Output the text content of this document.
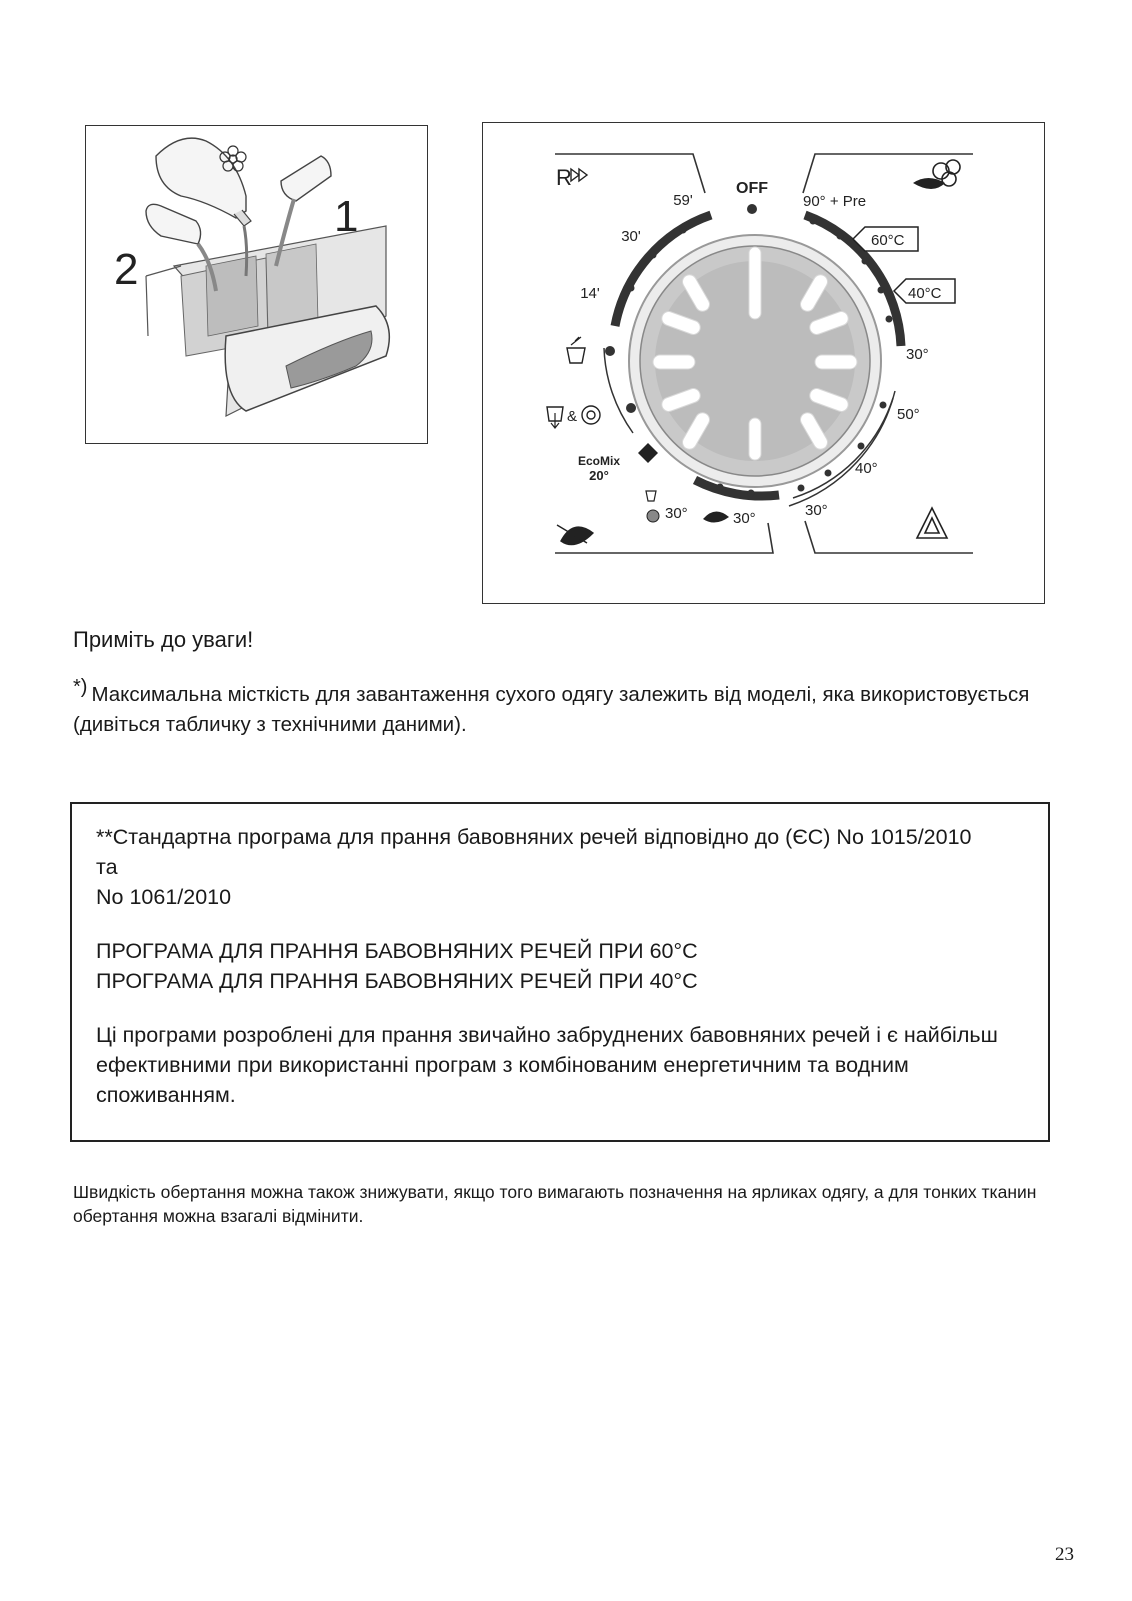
1
2
OFF
R
59'
30'
14'
90° + Pre
60°C
40°C
30°
50°
40°
30°
&
EcoMix
20°
30°	30°
Приміть до уваги!
*) Максимальна місткість для завантаження сухого одягу залежить від моделі, яка використовується (дивіться табличку з технічними даними).

**Стандартна програма для прання бавовняних речей відповідно до (ЄС) No 1015/2010

та

No 1061/2010

ПРОГРАМА ДЛЯ ПРАННЯ БАВОВНЯНИХ РЕЧЕЙ ПРИ 60°С

ПРОГРАМА ДЛЯ ПРАННЯ БАВОВНЯНИХ РЕЧЕЙ ПРИ 40°С

Ці програми розроблені для прання звичайно забруднених бавовняних речей і є найбільш ефективними при використанні програм з комбінованим енергетичним та водним споживанням.

Швидкість обертання можна також знижувати, якщо того вимагають позначення на ярликах одягу, а для тонких тканин обертання можна взагалі відмінити.
23
